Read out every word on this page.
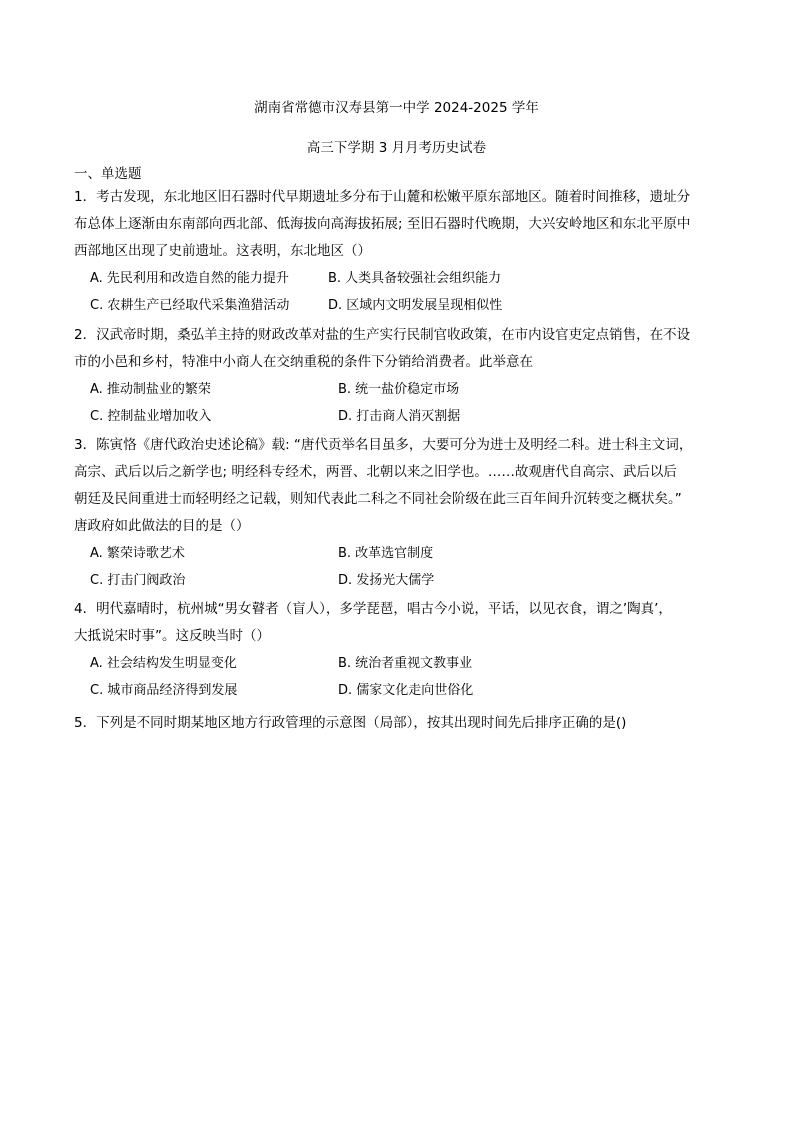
湖南省常德市汉寿县第一中学 2024-2025 学年
高三下学期 3 月月考历史试卷
一、单选题

1．考古发现，东北地区旧石器时代早期遗址多分布于山麓和松嫩平原东部地区。随着时间推移，遗址分

布总体上逐渐由东南部向西北部、低海拔向高海拔拓展; 至旧石器时代晚期，大兴安岭地区和东北平原中

西部地区出现了史前遗址。这表明，东北地区（）

A. 先民利用和改造自然的能力提升	B. 人类具备较强社会组织能力
C. 农耕生产已经取代采集渔猎活动	D. 区域内文明发展呈现相似性

2．汉武帝时期，桑弘羊主持的财政改革对盐的生产实行民制官收政策，在市内设官吏定点销售，在不设

市的小邑和乡村，特准中小商人在交纳重税的条件下分销给消费者。此举意在

A. 推动制盐业的繁荣	B. 统一盐价稳定市场
C. 控制盐业增加收入	D. 打击商人消灭割据

3．陈寅恪《唐代政治史述论稿》载: “唐代贡举名目虽多，大要可分为进士及明经二科。进士科主文词，

高宗、武后以后之新学也; 明经科专经术，两晋、北朝以来之旧学也。……故观唐代自高宗、武后以后

朝廷及民间重进士而轻明经之记载，则知代表此二科之不同社会阶级在此三百年间升沉转变之概状矣。”

唐政府如此做法的目的是（）

A. 繁荣诗歌艺术	B. 改革选官制度
C. 打击门阀政治	D. 发扬光大儒学

4．明代嘉晴时，杭州城“男女瞽者（盲人），多学琵琶，唱古今小说，平话，以见衣食，谓之’陶真’，

大抵说宋时事”。这反映当时（）

A. 社会结构发生明显变化	B. 统治者重视文教事业
C. 城市商品经济得到发展	D. 儒家文化走向世俗化

5．下列是不同时期某地区地方行政管理的示意图（局部），按其出现时间先后排序正确的是()
